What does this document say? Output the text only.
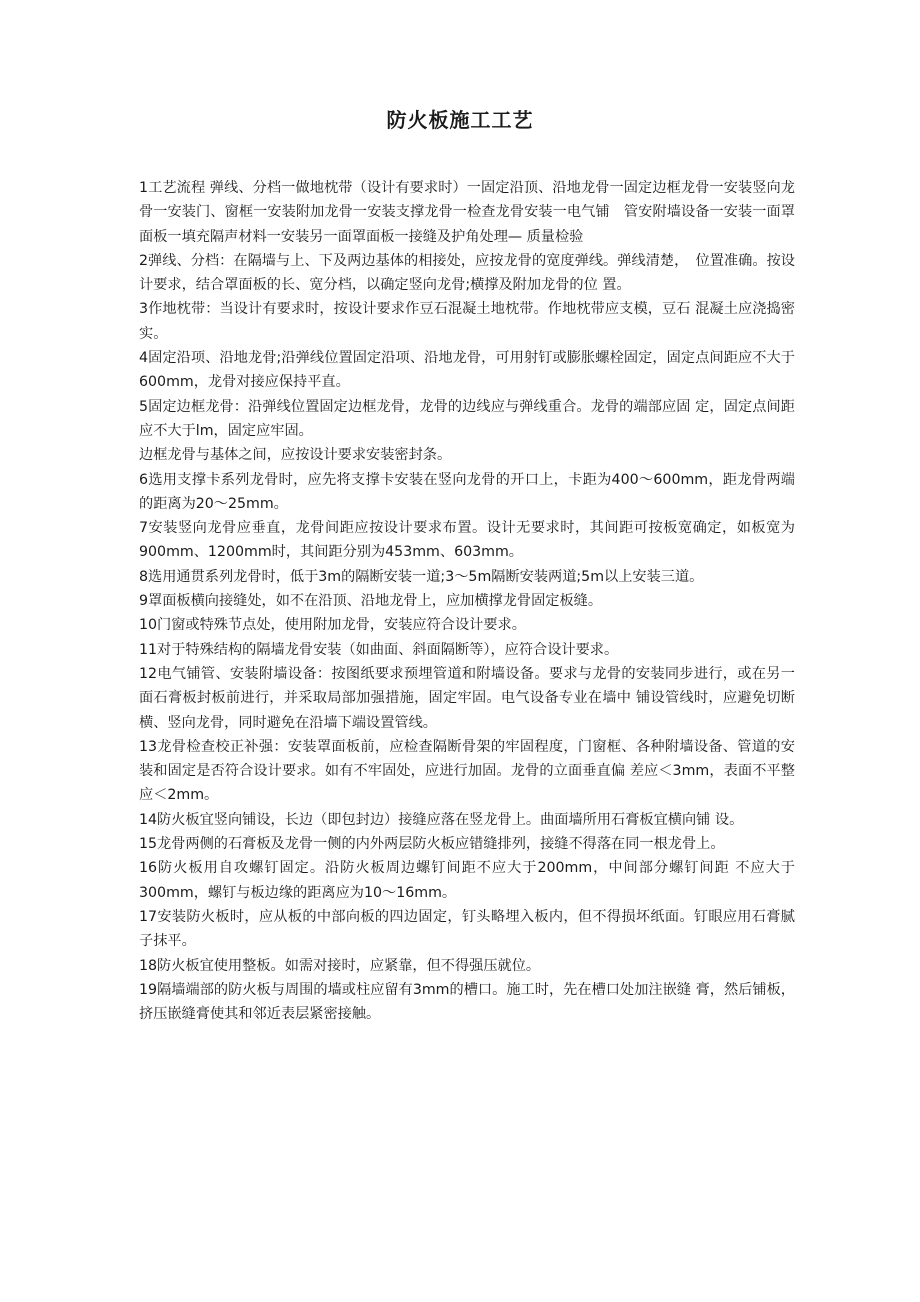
防火板施工工艺

1工艺流程 弹线、分档一做地枕带（设计有要求时）一固定沿顶、沿地龙骨一固定边框龙骨一安装竖向龙骨一安装门、窗框一安装附加龙骨一安装支撑龙骨一检查龙骨安装一电气铺　管安附墙设备一安装一面罩面板一填充隔声材料一安装另一面罩面板一接缝及护角处理— 质量检验

2弹线、分档：在隔墙与上、下及两边基体的相接处，应按龙骨的宽度弹线。弹线清楚，　位置准确。按设计要求，结合罩面板的长、宽分档，以确定竖向龙骨;横撑及附加龙骨的位 置。

3作地枕带：当设计有要求时，按设计要求作豆石混凝土地枕带。作地枕带应支模，豆石 混凝土应浇捣密实。

4固定沿项、沿地龙骨;沿弹线位置固定沿项、沿地龙骨，可用射钉或膨胀螺栓固定，固定点间距应不大于600mm，龙骨对接应保持平直。

5固定边框龙骨：沿弹线位置固定边框龙骨，龙骨的边线应与弹线重合。龙骨的端部应固 定，固定点间距应不大于lm，固定应牢固。

边框龙骨与基体之间，应按设计要求安装密封条。

6选用支撑卡系列龙骨时，应先将支撑卡安装在竖向龙骨的开口上，卡距为400～600mm，距龙骨两端的距离为20～25mm。

7安装竖向龙骨应垂直，龙骨间距应按设计要求布置。设计无要求时，其间距可按板宽确定，如板宽为900mm、1200mm时，其间距分别为453mm、603mm。

8选用通贯系列龙骨时，低于3m的隔断安装一道;3～5m隔断安装两道;5m以上安装三道。

9罩面板横向接缝处，如不在沿顶、沿地龙骨上，应加横撑龙骨固定板缝。

10门窗或特殊节点处，使用附加龙骨，安装应符合设计要求。

11对于特殊结构的隔墙龙骨安装（如曲面、斜面隔断等），应符合设计要求。

12电气铺管、安装附墙设备：按图纸要求预埋管道和附墙设备。要求与龙骨的安装同步进行，或在另一面石膏板封板前进行，并采取局部加强措施，固定牢固。电气设备专业在墙中 铺设管线时，应避免切断横、竖向龙骨，同时避免在沿墙下端设置管线。

13龙骨检查校正补强：安装罩面板前，应检查隔断骨架的牢固程度，门窗框、各种附墙设备、管道的安装和固定是否符合设计要求。如有不牢固处，应进行加固。龙骨的立面垂直偏 差应＜3mm，表面不平整应＜2mm。

14防火板宜竖向铺设，长边（即包封边）接缝应落在竖龙骨上。曲面墙所用石膏板宜横向铺 设。

15龙骨两侧的石膏板及龙骨一侧的内外两层防火板应错缝排列，接缝不得落在同一根龙骨上。

16防火板用自攻螺钉固定。沿防火板周边螺钉间距不应大于200mm，中间部分螺钉间距 不应大于300mm，螺钉与板边缘的距离应为10～16mm。

17安装防火板时，应从板的中部向板的四边固定，钉头略埋入板内，但不得损坏纸面。钉眼应用石膏腻子抹平。

18防火板宜使用整板。如需对接时，应紧靠，但不得强压就位。

19隔墙端部的防火板与周围的墙或柱应留有3mm的槽口。施工时，先在槽口处加注嵌缝 膏，然后铺板，挤压嵌缝膏使其和邻近表层紧密接触。
